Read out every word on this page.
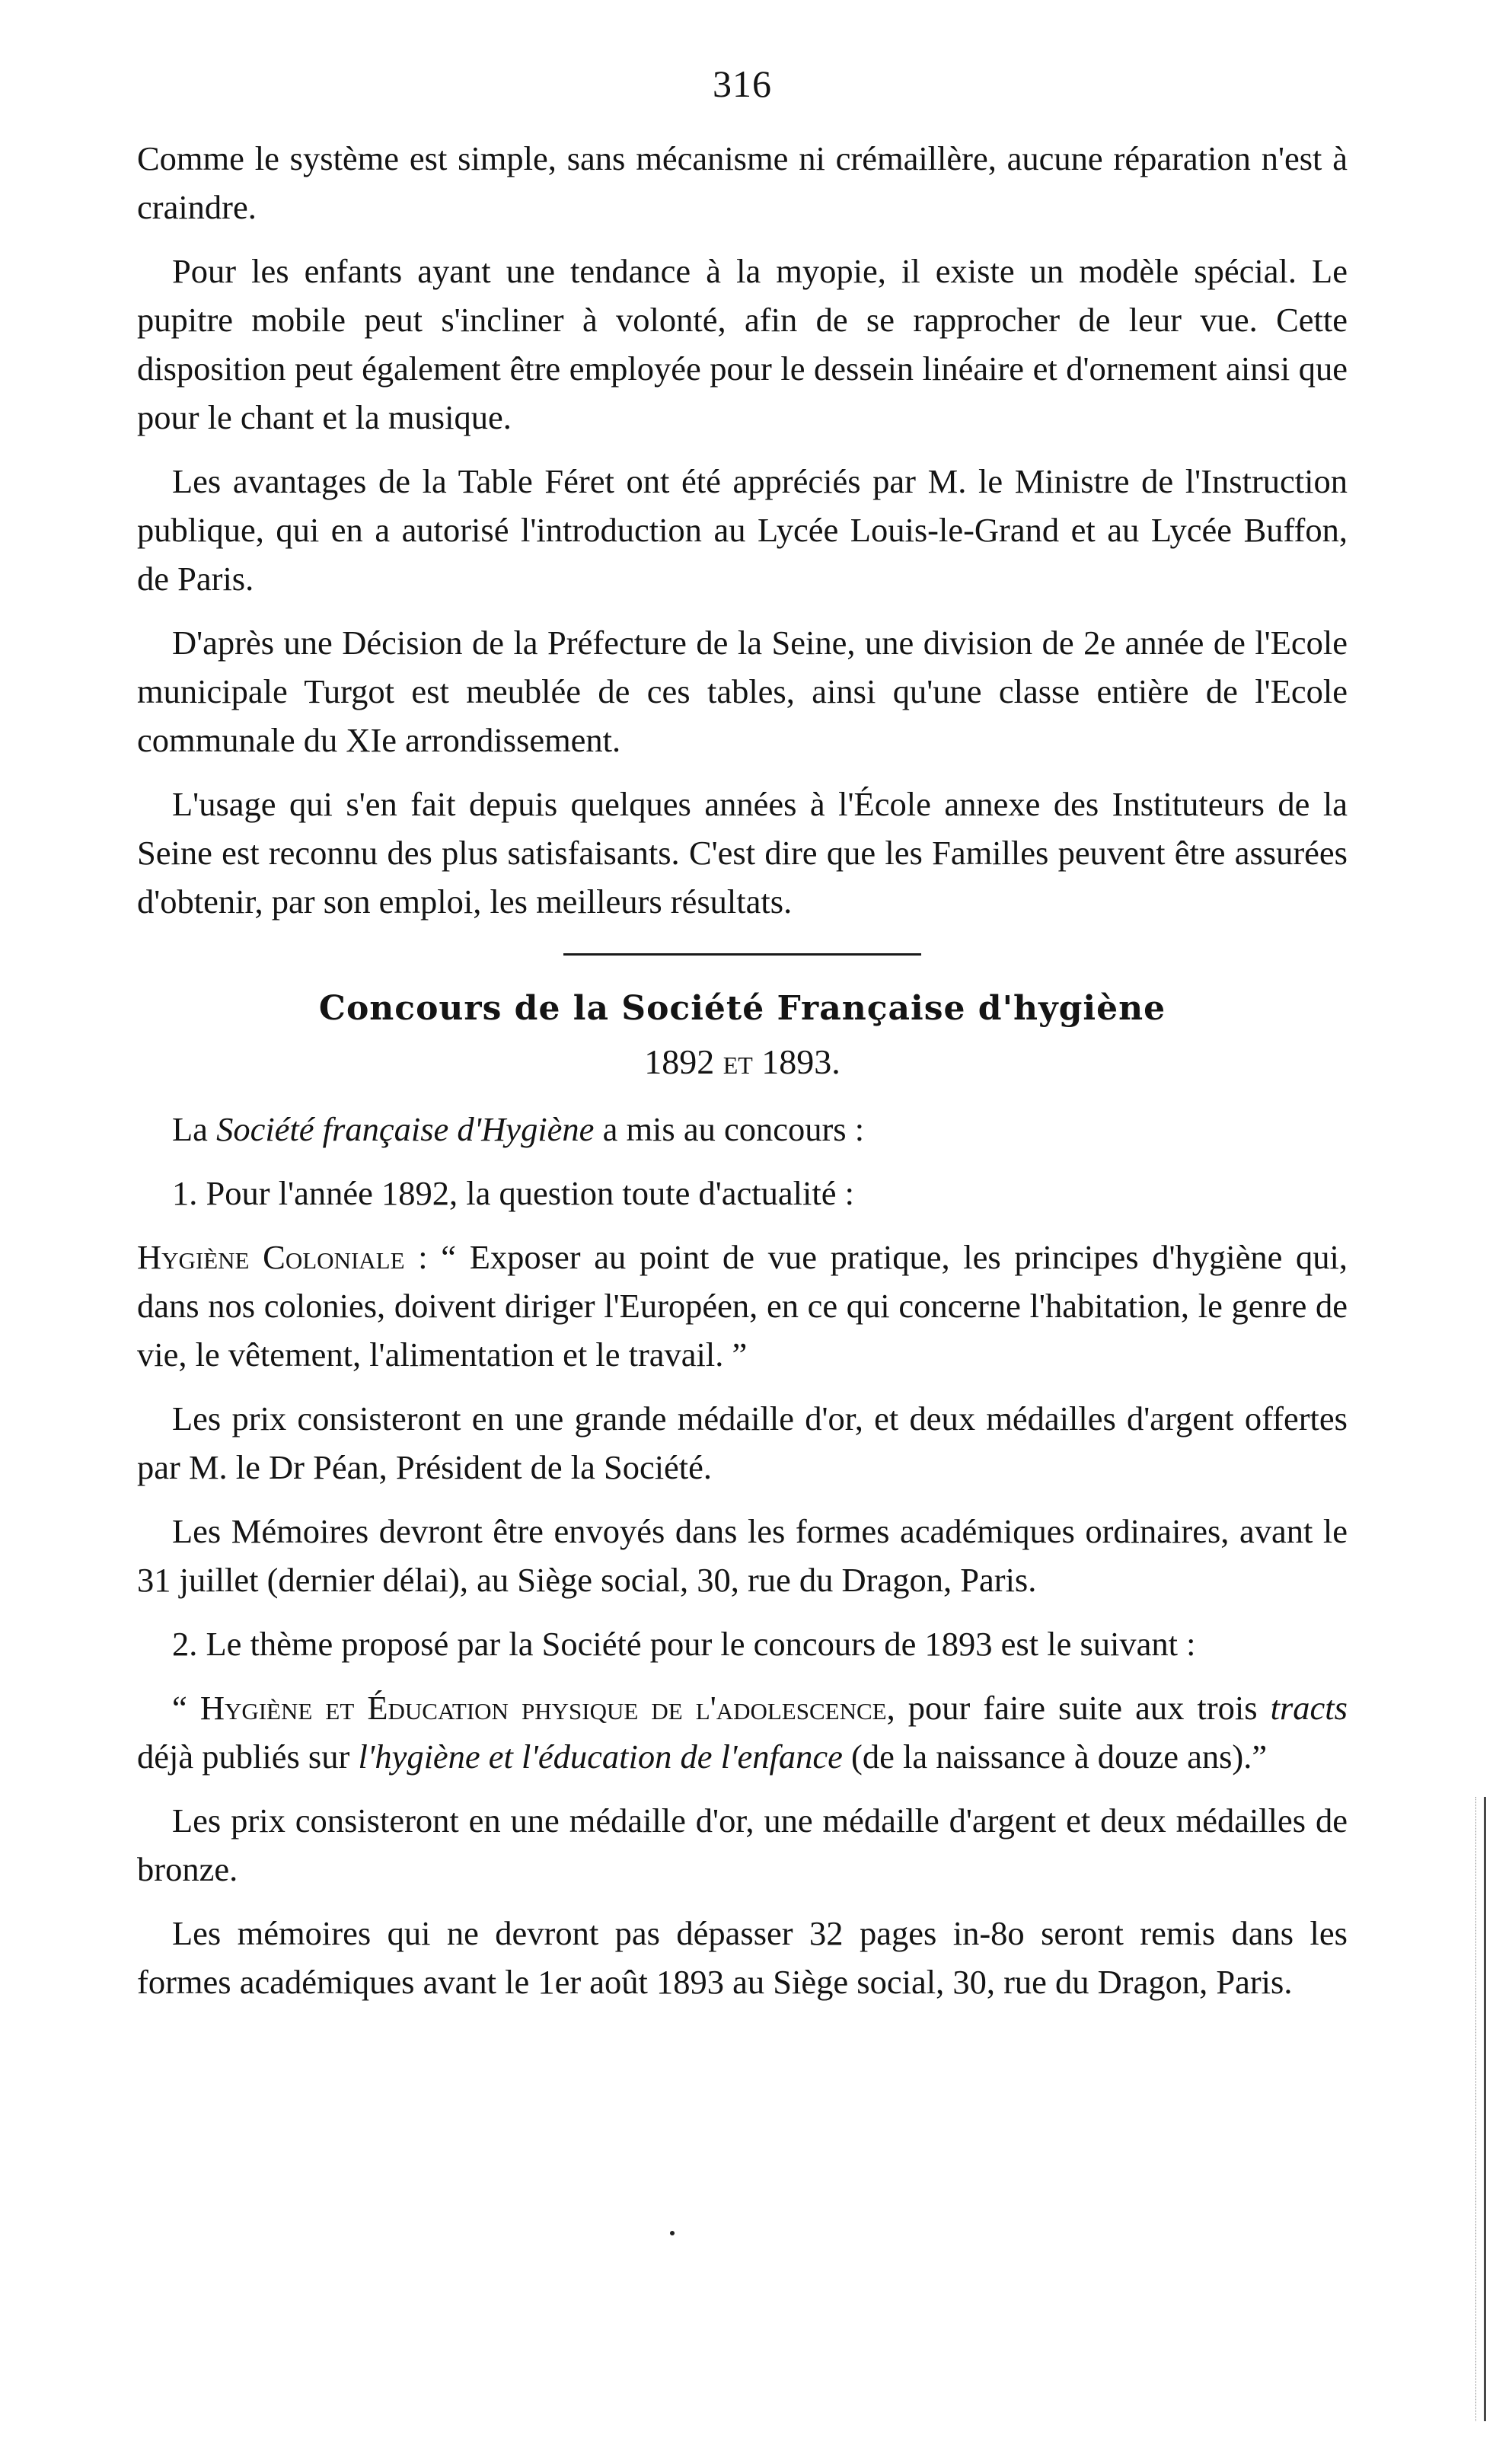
316

Comme le système est simple, sans mécanisme ni crémaillère, aucune réparation n'est à craindre.

Pour les enfants ayant une tendance à la myopie, il existe un modèle spécial. Le pupitre mobile peut s'incliner à volonté, afin de se rapprocher de leur vue. Cette disposition peut également être employée pour le dessein linéaire et d'ornement ainsi que pour le chant et la musique.

Les avantages de la Table Féret ont été appréciés par M. le Ministre de l'Instruction publique, qui en a autorisé l'introduction au Lycée Louis-le-Grand et au Lycée Buffon, de Paris.

D'après une Décision de la Préfecture de la Seine, une division de 2e année de l'Ecole municipale Turgot est meublée de ces tables, ainsi qu'une classe entière de l'Ecole communale du XIe arrondissement.

L'usage qui s'en fait depuis quelques années à l'École annexe des Instituteurs de la Seine est reconnu des plus satisfaisants. C'est dire que les Familles peuvent être assurées d'obtenir, par son emploi, les meilleurs résultats.

Concours de la Société Française d'hygiène
1892 et 1893.

La Société française d'Hygiène a mis au concours :

1. Pour l'année 1892, la question toute d'actualité :

Hygiène Coloniale : “ Exposer au point de vue pratique, les principes d'hygiène qui, dans nos colonies, doivent diriger l'Européen, en ce qui concerne l'habitation, le genre de vie, le vêtement, l'alimentation et le travail. ”

Les prix consisteront en une grande médaille d'or, et deux médailles d'argent offertes par M. le Dr Péan, Président de la Société.

Les Mémoires devront être envoyés dans les formes académiques ordinaires, avant le 31 juillet (dernier délai), au Siège social, 30, rue du Dragon, Paris.

2. Le thème proposé par la Société pour le concours de 1893 est le suivant :

“ Hygiène et Éducation physique de l'adolescence, pour faire suite aux trois tracts déjà publiés sur l'hygiène et l'éducation de l'enfance (de la naissance à douze ans).”

Les prix consisteront en une médaille d'or, une médaille d'argent et deux médailles de bronze.

Les mémoires qui ne devront pas dépasser 32 pages in-8o seront remis dans les formes académiques avant le 1er août 1893 au Siège social, 30, rue du Dragon, Paris.
